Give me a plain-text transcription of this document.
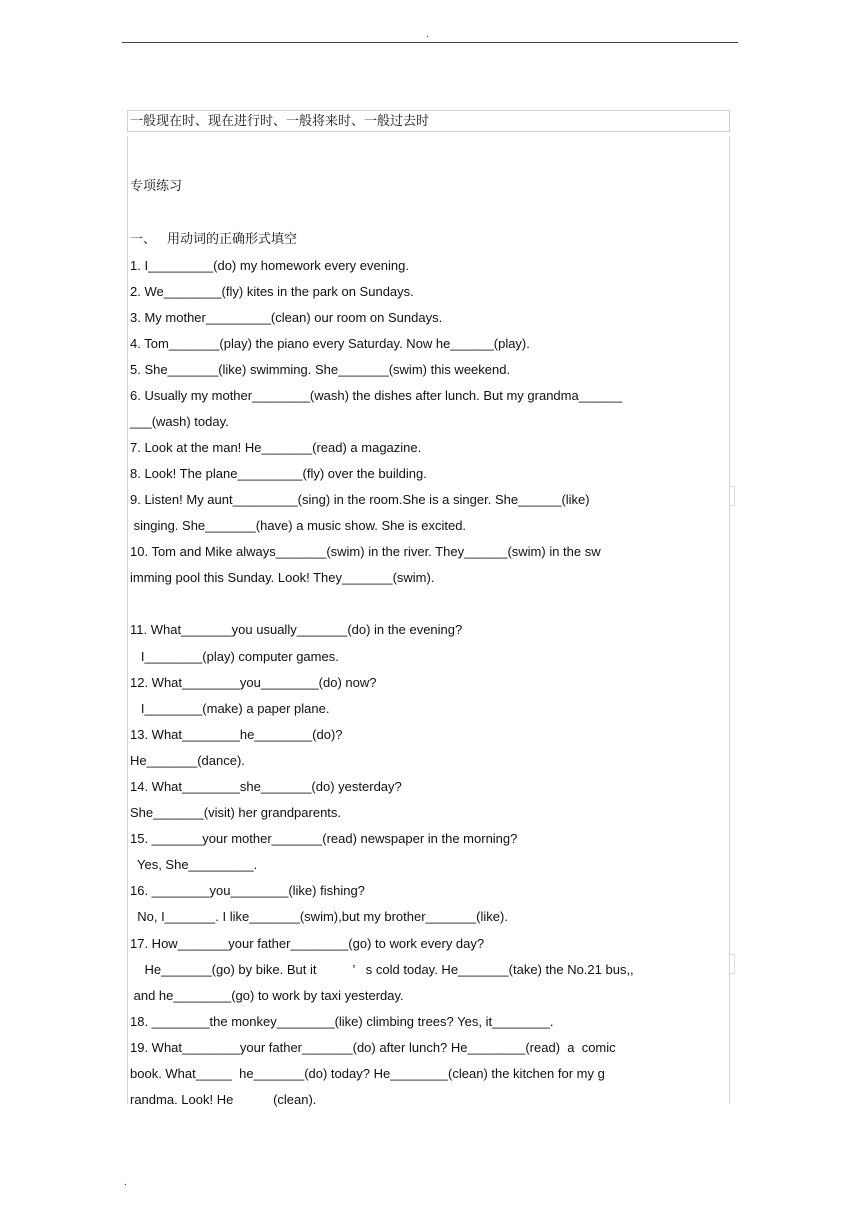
.
一般现在时、现在进行时、一般将来时、一般过去时
专项练习
一、 用动词的正确形式填空
1. I_________(do) my homework every evening.
2. We________(fly) kites in the park on Sundays.
3. My mother_________(clean) our room on Sundays.
4. Tom_______(play) the piano every Saturday. Now he______(play).
5. She_______(like) swimming. She_______(swim) this weekend.
6. Usually my mother________(wash) the dishes after lunch. But my grandma______
___(wash) today.
7. Look at the man! He_______(read) a magazine.
8. Look! The plane_________(fly) over the building.
9. Listen! My aunt_________(sing) in the room.She is a singer. She______(like)
singing. She_______(have) a music show. She is excited.
10. Tom and Mike always_______(swim) in the river. They______(swim) in the sw
imming pool this Sunday. Look! They_______(swim).
11. What_______you usually_______(do) in the evening?
I________(play) computer games.
12. What________you________(do) now?
I________(make) a paper plane.
13. What________he________(do)?
He_______(dance).
14. What________she_______(do) yesterday?
She_______(visit) her grandparents.
15. _______your mother_______(read) newspaper in the morning?
Yes, She_________.
16. ________you________(like) fishing?
No, I_______. I like_______(swim),but my brother_______(like).
17. How_______your father________(go) to work every day?
He_______(go) by bike. But it          ’   s cold today. He_______(take) the No.21 bus,,
and he________(go) to work by taxi yesterday.
18. ________the monkey________(like) climbing trees? Yes, it________.
19. What________your father_______(do) after lunch? He________(read)  a  comic
book. What_____  he_______(do) today? He________(clean) the kitchen for my g
randma. Look! He           (clean).
.
